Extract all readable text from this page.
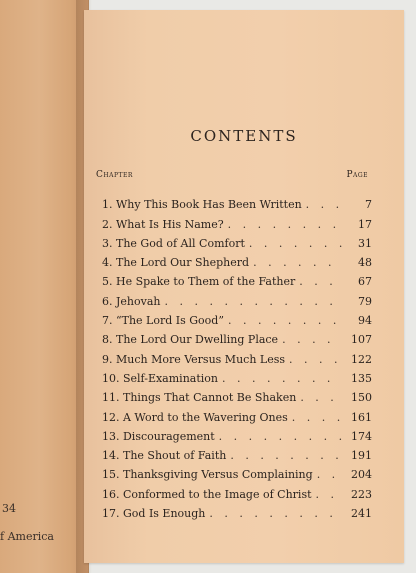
34
f America
CONTENTS
Chapter	Page
1. Why This Book Has Been Written . . .	7
2. What Is His Name? . . .	17
3. The God of All Comfort . . .	31
4. The Lord Our Shepherd . . .	48
5. He Spake to Them of the Father . . .	67
6. Jehovah . . .	79
7. “The Lord Is Good” . . .	94
8. The Lord Our Dwelling Place . . .	107
9. Much More Versus Much Less . . .	122
10. Self-Examination . . .	135
11. Things That Cannot Be Shaken . . .	150
12. A Word to the Wavering Ones . . .	161
13. Discouragement . . .	174
14. The Shout of Faith . . .	191
15. Thanksgiving Versus Complaining . . .	204
16. Conformed to the Image of Christ . . .	223
17. God Is Enough . . .	241
